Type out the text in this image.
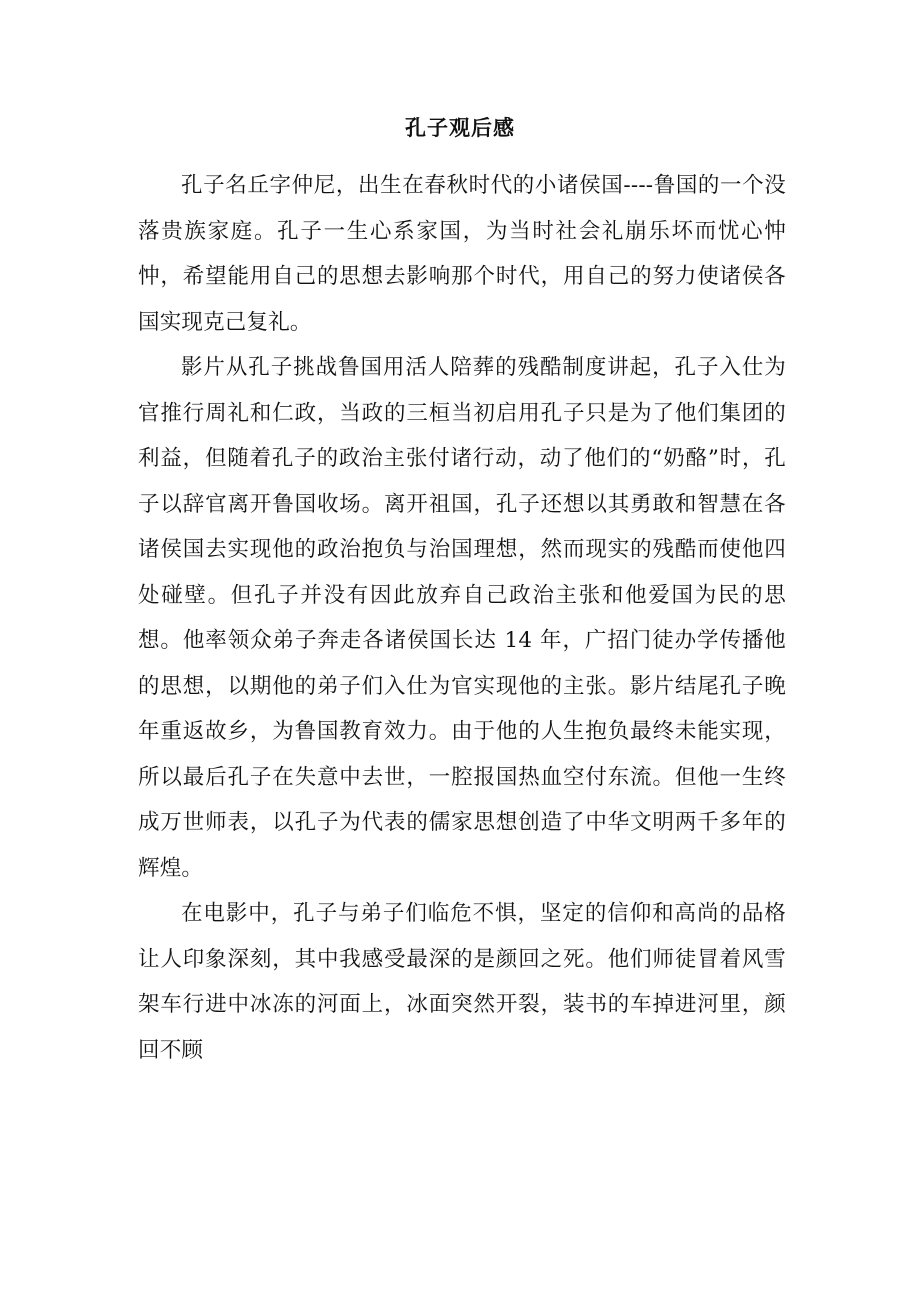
孔子观后感

孔子名丘字仲尼，出生在春秋时代的小诸侯国----鲁国的一个没落贵族家庭。孔子一生心系家国，为当时社会礼崩乐坏而忧心忡忡，希望能用自己的思想去影响那个时代，用自己的努力使诸侯各国实现克己复礼。

影片从孔子挑战鲁国用活人陪葬的残酷制度讲起，孔子入仕为官推行周礼和仁政，当政的三桓当初启用孔子只是为了他们集团的利益，但随着孔子的政治主张付诸行动，动了他们的“奶酪”时，孔子以辞官离开鲁国收场。离开祖国，孔子还想以其勇敢和智慧在各诸侯国去实现他的政治抱负与治国理想，然而现实的残酷而使他四处碰壁。但孔子并没有因此放弃自己政治主张和他爱国为民的思想。他率领众弟子奔走各诸侯国长达 14 年，广招门徒办学传播他的思想，以期他的弟子们入仕为官实现他的主张。影片结尾孔子晚年重返故乡，为鲁国教育效力。由于他的人生抱负最终未能实现，所以最后孔子在失意中去世，一腔报国热血空付东流。但他一生终成万世师表，以孔子为代表的儒家思想创造了中华文明两千多年的辉煌。

在电影中，孔子与弟子们临危不惧，坚定的信仰和高尚的品格让人印象深刻，其中我感受最深的是颜回之死。他们师徒冒着风雪架车行进中冰冻的河面上，冰面突然开裂，装书的车掉进河里，颜回不顾
